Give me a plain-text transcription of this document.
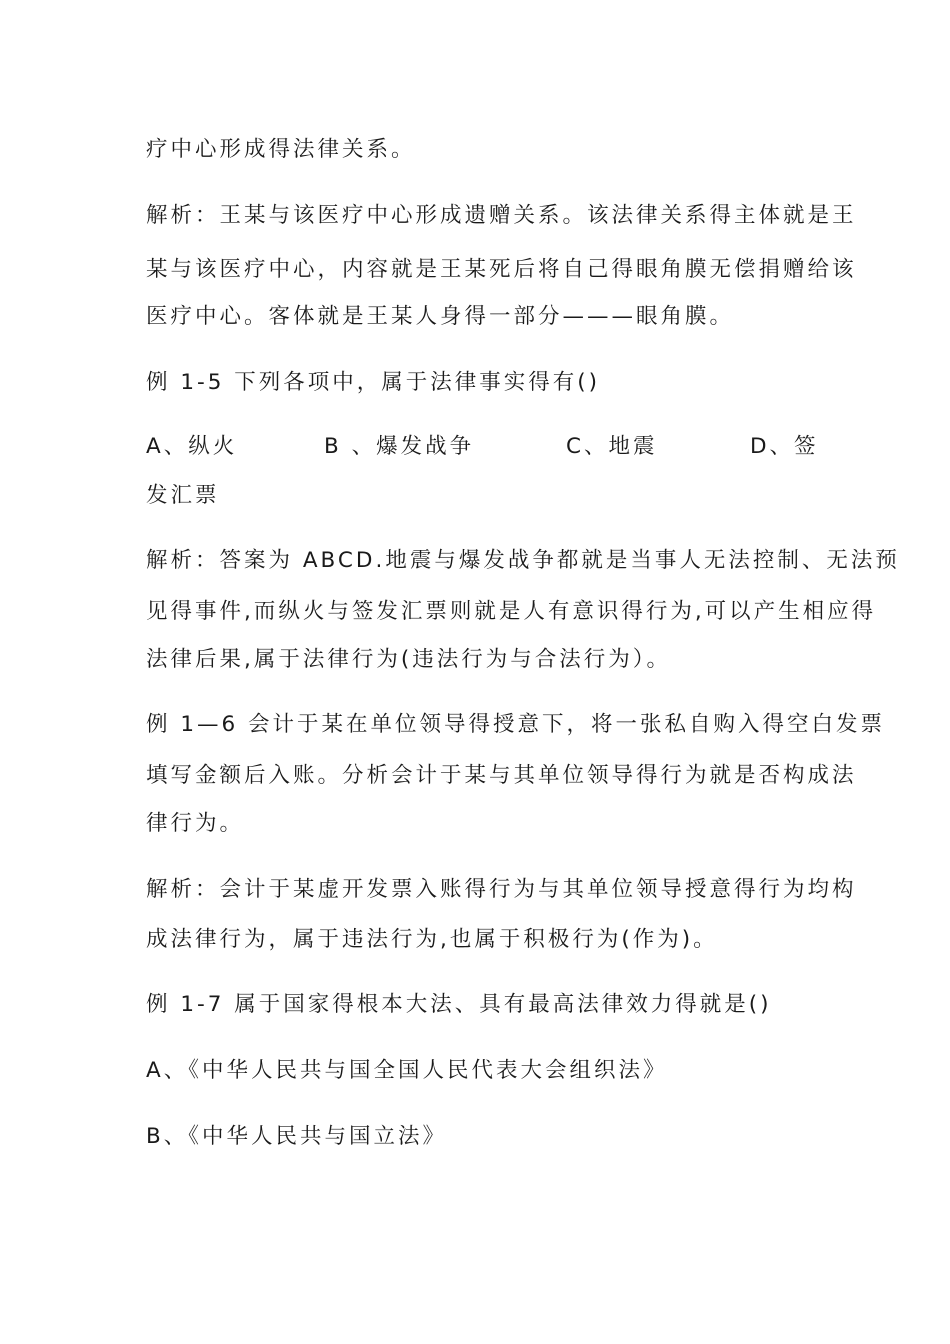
疗中心形成得法律关系。
解析：王某与该医疗中心形成遗赠关系。该法律关系得主体就是王
某与该医疗中心，内容就是王某死后将自己得眼角膜无偿捐赠给该
医疗中心。客体就是王某人身得一部分———眼角膜。
例 1-5 下列各项中，属于法律事实得有()
A、纵火	B 、爆发战争	C、地震	D、签
发汇票
解析：答案为 ABCD.地震与爆发战争都就是当事人无法控制、无法预
见得事件,而纵火与签发汇票则就是人有意识得行为,可以产生相应得
法律后果,属于法律行为(违法行为与合法行为）。
例 1—6 会计于某在单位领导得授意下，将一张私自购入得空白发票
填写金额后入账。分析会计于某与其单位领导得行为就是否构成法
律行为。
解析：会计于某虚开发票入账得行为与其单位领导授意得行为均构
成法律行为，属于违法行为,也属于积极行为(作为)。
例 1-7 属于国家得根本大法、具有最高法律效力得就是()
A、《中华人民共与国全国人民代表大会组织法》
B、《中华人民共与国立法》
